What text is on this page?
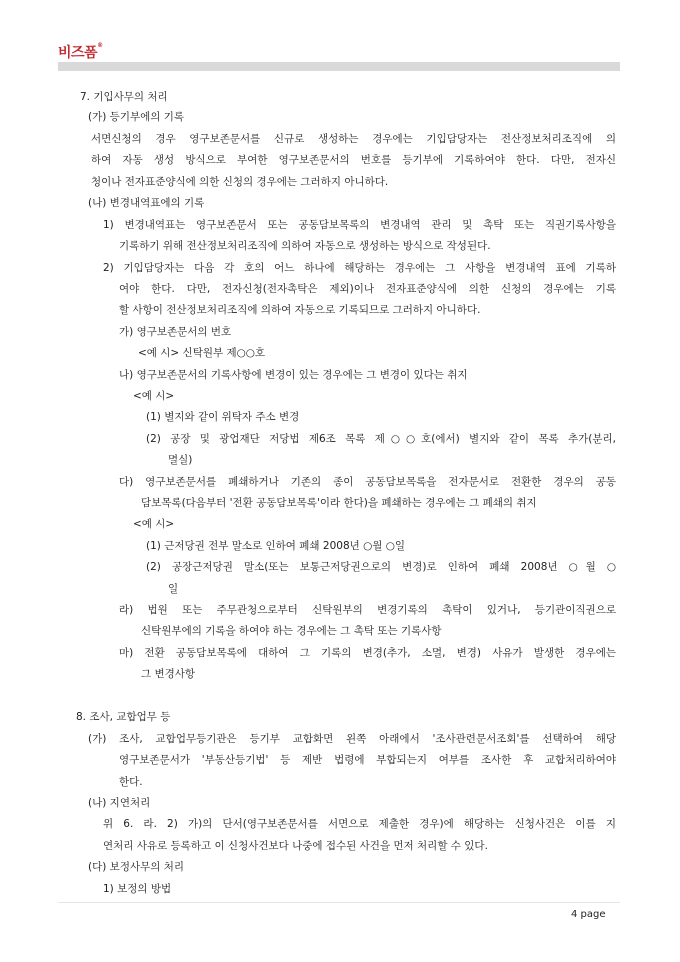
비즈폼®
7. 기입사무의 처리
(가) 등기부에의 기록
서면신청의 경우 영구보존문서를 신규로 생성하는 경우에는 기입담당자는 전산정보처리조직에 의
하여 자동 생성 방식으로 부여한 영구보존문서의 번호를 등기부에 기록하여야 한다. 다만, 전자신
청이나 전자표준양식에 의한 신청의 경우에는 그러하지 아니하다.
(나) 변경내역표에의 기록
1) 변경내역표는 영구보존문서 또는 공동담보목록의 변경내역 관리 및 촉탁 또는 직권기록사항을
기록하기 위해 전산정보처리조직에 의하여 자동으로 생성하는 방식으로 작성된다.
2) 기입담당자는 다음 각 호의 어느 하나에 해당하는 경우에는 그 사항을 변경내역 표에 기록하
여야 한다. 다만, 전자신청(전자촉탁은 제외)이나 전자표준양식에 의한 신청의 경우에는 기록
할 사항이 전산정보처리조직에 의하여 자동으로 기록되므로 그러하지 아니하다.
가) 영구보존문서의 번호
<예 시> 신탁원부 제○○호
나) 영구보존문서의 기록사항에 변경이 있는 경우에는 그 변경이 있다는 취지
<예 시>
(1) 별지와 같이 위탁자 주소 변경
(2) 공장 및 광업재단 저당법 제6조 목록 제○○호(에서) 별지와 같이 목록 추가(분리,
멸실)
다) 영구보존문서를 폐쇄하거나 기존의 종이 공동담보목록을 전자문서로 전환한 경우의 공동
담보목록(다음부터 '전환 공동담보목록'이라 한다)을 폐쇄하는 경우에는 그 폐쇄의 취지
<예 시>
(1) 근저당권 전부 말소로 인하여 폐쇄 2008년 ○월 ○일
(2) 공장근저당권 말소(또는 보통근저당권으로의 변경)로 인하여 폐쇄 2008년 ○월 ○
일
라) 법원 또는 주무관청으로부터 신탁원부의 변경기록의 촉탁이 있거나, 등기관이직권으로
신탁원부에의 기록을 하여야 하는 경우에는 그 촉탁 또는 기록사항
마) 전환 공동담보목록에 대하여 그 기록의 변경(추가, 소멸, 변경) 사유가 발생한 경우에는
그 변경사항
8. 조사, 교합업무 등
(가) 조사, 교합업무등기관은 등기부 교합화면 왼쪽 아래에서 '조사관련문서조회'를 선택하여 해당
영구보존문서가 '부동산등기법' 등 제반 법령에 부합되는지 여부를 조사한 후 교합처리하여야
한다.
(나) 지연처리
위 6. 라. 2) 가)의 단서(영구보존문서를 서면으로 제출한 경우)에 해당하는 신청사건은 이를 지
연처리 사유로 등록하고 이 신청사건보다 나중에 접수된 사건을 먼저 처리할 수 있다.
(다) 보정사무의 처리
1) 보정의 방법
4 page
